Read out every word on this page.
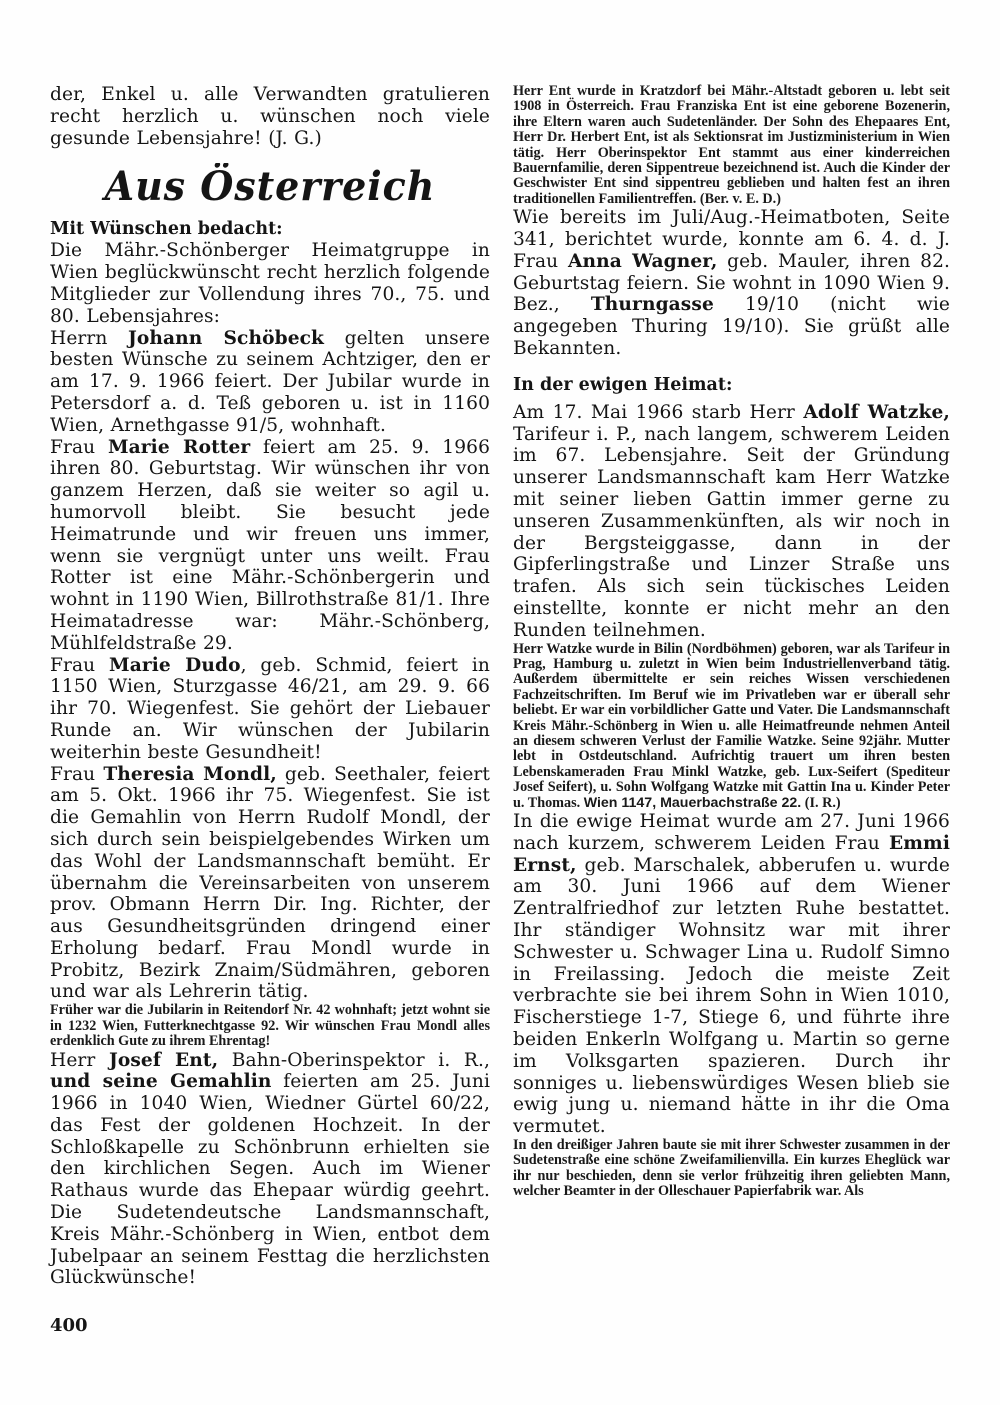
der, Enkel u. alle Verwandten gratulieren recht herzlich u. wünschen noch viele gesunde Lebensjahre! (J. G.)

Aus Österreich

Mit Wünschen bedacht:

Die Mähr.-Schönberger Heimatgruppe in Wien beglückwünscht recht herzlich folgende Mitglieder zur Vollendung ihres 70., 75. und 80. Lebensjahres:

Herrn Johann Schöbeck gelten unsere besten Wünsche zu seinem Achtziger, den er am 17. 9. 1966 feiert. Der Jubilar wurde in Petersdorf a. d. Teß geboren u. ist in 1160 Wien, Arnethgasse 91/5, wohnhaft.

Frau Marie Rotter feiert am 25. 9. 1966 ihren 80. Geburtstag. Wir wünschen ihr von ganzem Herzen, daß sie weiter so agil u. humorvoll bleibt. Sie besucht jede Heimatrunde und wir freuen uns immer, wenn sie vergnügt unter uns weilt. Frau Rotter ist eine Mähr.-Schönbergerin und wohnt in 1190 Wien, Billrothstraße 81/1. Ihre Heimatadresse war: Mähr.-Schönberg, Mühlfeldstraße 29.

Frau Marie Dudo, geb. Schmid, feiert in 1150 Wien, Sturzgasse 46/21, am 29. 9. 66 ihr 70. Wiegenfest. Sie gehört der Liebauer Runde an. Wir wünschen der Jubilarin weiterhin beste Gesundheit!

Frau Theresia Mondl, geb. Seethaler, feiert am 5. Okt. 1966 ihr 75. Wiegenfest. Sie ist die Gemahlin von Herrn Rudolf Mondl, der sich durch sein beispielgebendes Wirken um das Wohl der Landsmannschaft bemüht. Er übernahm die Vereinsarbeiten von unserem prov. Obmann Herrn Dir. Ing. Richter, der aus Gesundheitsgründen dringend einer Erholung bedarf. Frau Mondl wurde in Probitz, Bezirk Znaim/Südmähren, geboren und war als Lehrerin tätig.

Früher war die Jubilarin in Reitendorf Nr. 42 wohnhaft; jetzt wohnt sie in 1232 Wien, Futterknechtgasse 92. Wir wünschen Frau Mondl alles erdenklich Gute zu ihrem Ehrentag!

Herr Josef Ent, Bahn-Oberinspektor i. R., und seine Gemahlin feierten am 25. Juni 1966 in 1040 Wien, Wiedner Gürtel 60/22, das Fest der goldenen Hochzeit. In der Schloßkapelle zu Schönbrunn erhielten sie den kirchlichen Segen. Auch im Wiener Rathaus wurde das Ehepaar würdig geehrt. Die Sudetendeutsche Landsmannschaft, Kreis Mähr.-Schönberg in Wien, entbot dem Jubelpaar an seinem Festtag die herzlichsten Glückwünsche!

Herr Ent wurde in Kratzdorf bei Mähr.-Altstadt geboren u. lebt seit 1908 in Österreich. Frau Franziska Ent ist eine geborene Bozenerin, ihre Eltern waren auch Sudetenländer. Der Sohn des Ehepaares Ent, Herr Dr. Herbert Ent, ist als Sektionsrat im Justizministerium in Wien tätig. Herr Oberinspektor Ent stammt aus einer kinderreichen Bauernfamilie, deren Sippentreue bezeichnend ist. Auch die Kinder der Geschwister Ent sind sippentreu geblieben und halten fest an ihren traditionellen Familientreffen. (Ber. v. E. D.)

Wie bereits im Juli/Aug.-Heimatboten, Seite 341, berichtet wurde, konnte am 6. 4. d. J. Frau Anna Wagner, geb. Mauler, ihren 82. Geburtstag feiern. Sie wohnt in 1090 Wien 9. Bez., Thurngasse 19/10 (nicht wie angegeben Thuring 19/10). Sie grüßt alle Bekannten.

In der ewigen Heimat:

Am 17. Mai 1966 starb Herr Adolf Watzke, Tarifeur i. P., nach langem, schwerem Leiden im 67. Lebensjahre. Seit der Gründung unserer Landsmannschaft kam Herr Watzke mit seiner lieben Gattin immer gerne zu unseren Zusammenkünften, als wir noch in der Bergsteiggasse, dann in der Gipferlingstraße und Linzer Straße uns trafen. Als sich sein tückisches Leiden einstellte, konnte er nicht mehr an den Runden teilnehmen.

Herr Watzke wurde in Bilin (Nordböhmen) geboren, war als Tarifeur in Prag, Hamburg u. zuletzt in Wien beim Industriellenverband tätig. Außerdem übermittelte er sein reiches Wissen verschiedenen Fachzeitschriften. Im Beruf wie im Privatleben war er überall sehr beliebt. Er war ein vorbildlicher Gatte und Vater. Die Landsmannschaft Kreis Mähr.-Schönberg in Wien u. alle Heimatfreunde nehmen Anteil an diesem schweren Verlust der Familie Watzke. Seine 92jähr. Mutter lebt in Ostdeutschland. Aufrichtig trauert um ihren besten Lebenskameraden Frau Minkl Watzke, geb. Lux-Seifert (Spediteur Josef Seifert), u. Sohn Wolfgang Watzke mit Gattin Ina u. Kinder Peter u. Thomas. Wien 1147, Mauerbachstraße 22. (I. R.)

In die ewige Heimat wurde am 27. Juni 1966 nach kurzem, schwerem Leiden Frau Emmi Ernst, geb. Marschalek, abberufen u. wurde am 30. Juni 1966 auf dem Wiener Zentralfriedhof zur letzten Ruhe bestattet. Ihr ständiger Wohnsitz war mit ihrer Schwester u. Schwager Lina u. Rudolf Simno in Freilassing. Jedoch die meiste Zeit verbrachte sie bei ihrem Sohn in Wien 1010, Fischerstiege 1-7, Stiege 6, und führte ihre beiden Enkerln Wolfgang u. Martin so gerne im Volksgarten spazieren. Durch ihr sonniges u. liebenswürdiges Wesen blieb sie ewig jung u. niemand hätte in ihr die Oma vermutet.

In den dreißiger Jahren baute sie mit ihrer Schwester zusammen in der Sudetenstraße eine schöne Zweifamilienvilla. Ein kurzes Eheglück war ihr nur beschieden, denn sie verlor frühzeitig ihren geliebten Mann, welcher Beamter in der Olleschauer Papierfabrik war. Als

400
